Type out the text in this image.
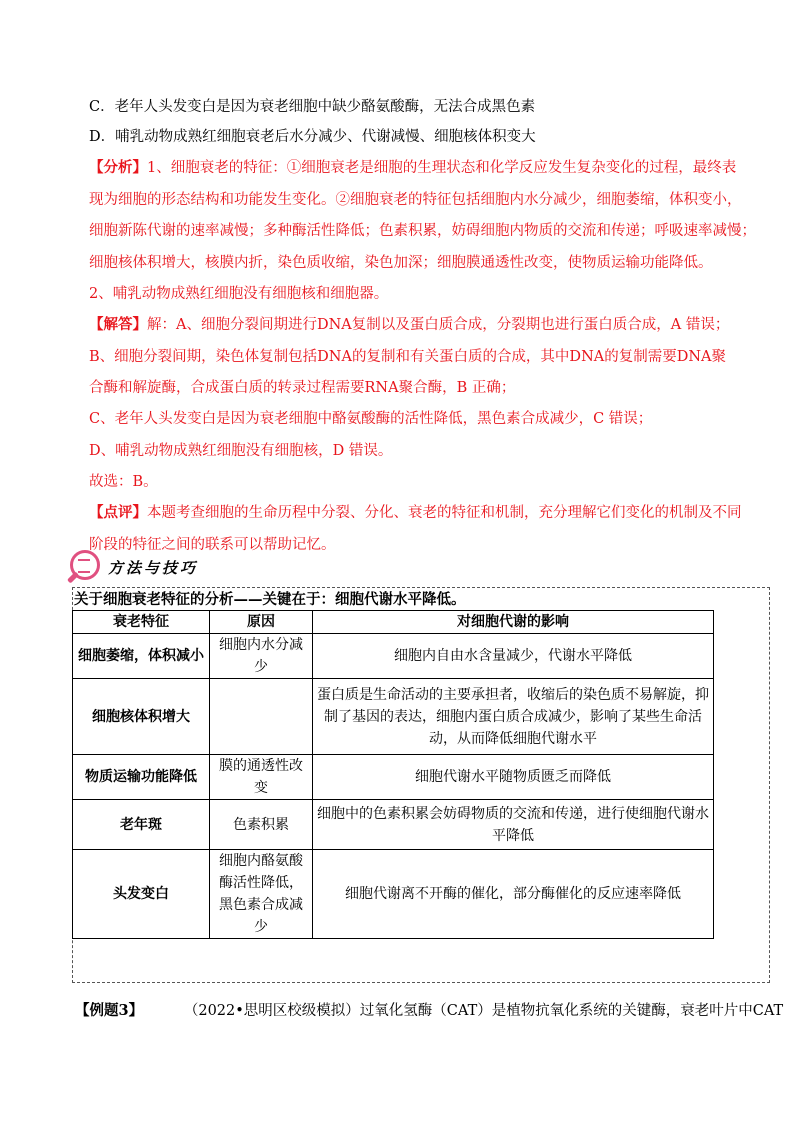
C．老年人头发变白是因为衰老细胞中缺少酪氨酸酶，无法合成黑色素
D．哺乳动物成熟红细胞衰老后水分减少、代谢减慢、细胞核体积变大
【分析】1、细胞衰老的特征：①细胞衰老是细胞的生理状态和化学反应发生复杂变化的过程，最终表
现为细胞的形态结构和功能发生变化。②细胞衰老的特征包括细胞内水分减少，细胞萎缩，体积变小，
细胞新陈代谢的速率减慢；多种酶活性降低；色素积累，妨碍细胞内物质的交流和传递；呼吸速率减慢；
细胞核体积增大，核膜内折，染色质收缩，染色加深；细胞膜通透性改变，使物质运输功能降低。
2、哺乳动物成熟红细胞没有细胞核和细胞器。
【解答】解：A、细胞分裂间期进行DNA复制以及蛋白质合成，分裂期也进行蛋白质合成，A 错误；
B、细胞分裂间期，染色体复制包括DNA的复制和有关蛋白质的合成，其中DNA的复制需要DNA聚
合酶和解旋酶，合成蛋白质的转录过程需要RNA聚合酶，B 正确；
C、老年人头发变白是因为衰老细胞中酪氨酸酶的活性降低，黑色素合成减少，C 错误；
D、哺乳动物成熟红细胞没有细胞核，D 错误。
故选：B。
【点评】本题考查细胞的生命历程中分裂、分化、衰老的特征和机制，充分理解它们变化的机制及不同
阶段的特征之间的联系可以帮助记忆。
方法与技巧
关于细胞衰老特征的分析——关键在于：细胞代谢水平降低。
衰老特征	原因	对细胞代谢的影响
细胞萎缩，体积减小	细胞内水分减少	细胞内自由水含量减少，代谢水平降低
细胞核体积增大		蛋白质是生命活动的主要承担者，收缩后的染色质不易解旋，抑制了基因的表达，细胞内蛋白质合成减少，影响了某些生命活动，从而降低细胞代谢水平
物质运输功能降低	膜的通透性改变	细胞代谢水平随物质匮乏而降低
老年斑	色素积累	细胞中的色素积累会妨碍物质的交流和传递，进行使细胞代谢水平降低
头发变白	细胞内酪氨酸酶活性降低，黑色素合成减少	细胞代谢离不开酶的催化，部分酶催化的反应速率降低
【例题3】	（2022•思明区校级模拟）过氧化氢酶（CAT）是植物抗氧化系统的关键酶，衰老叶片中CAT
